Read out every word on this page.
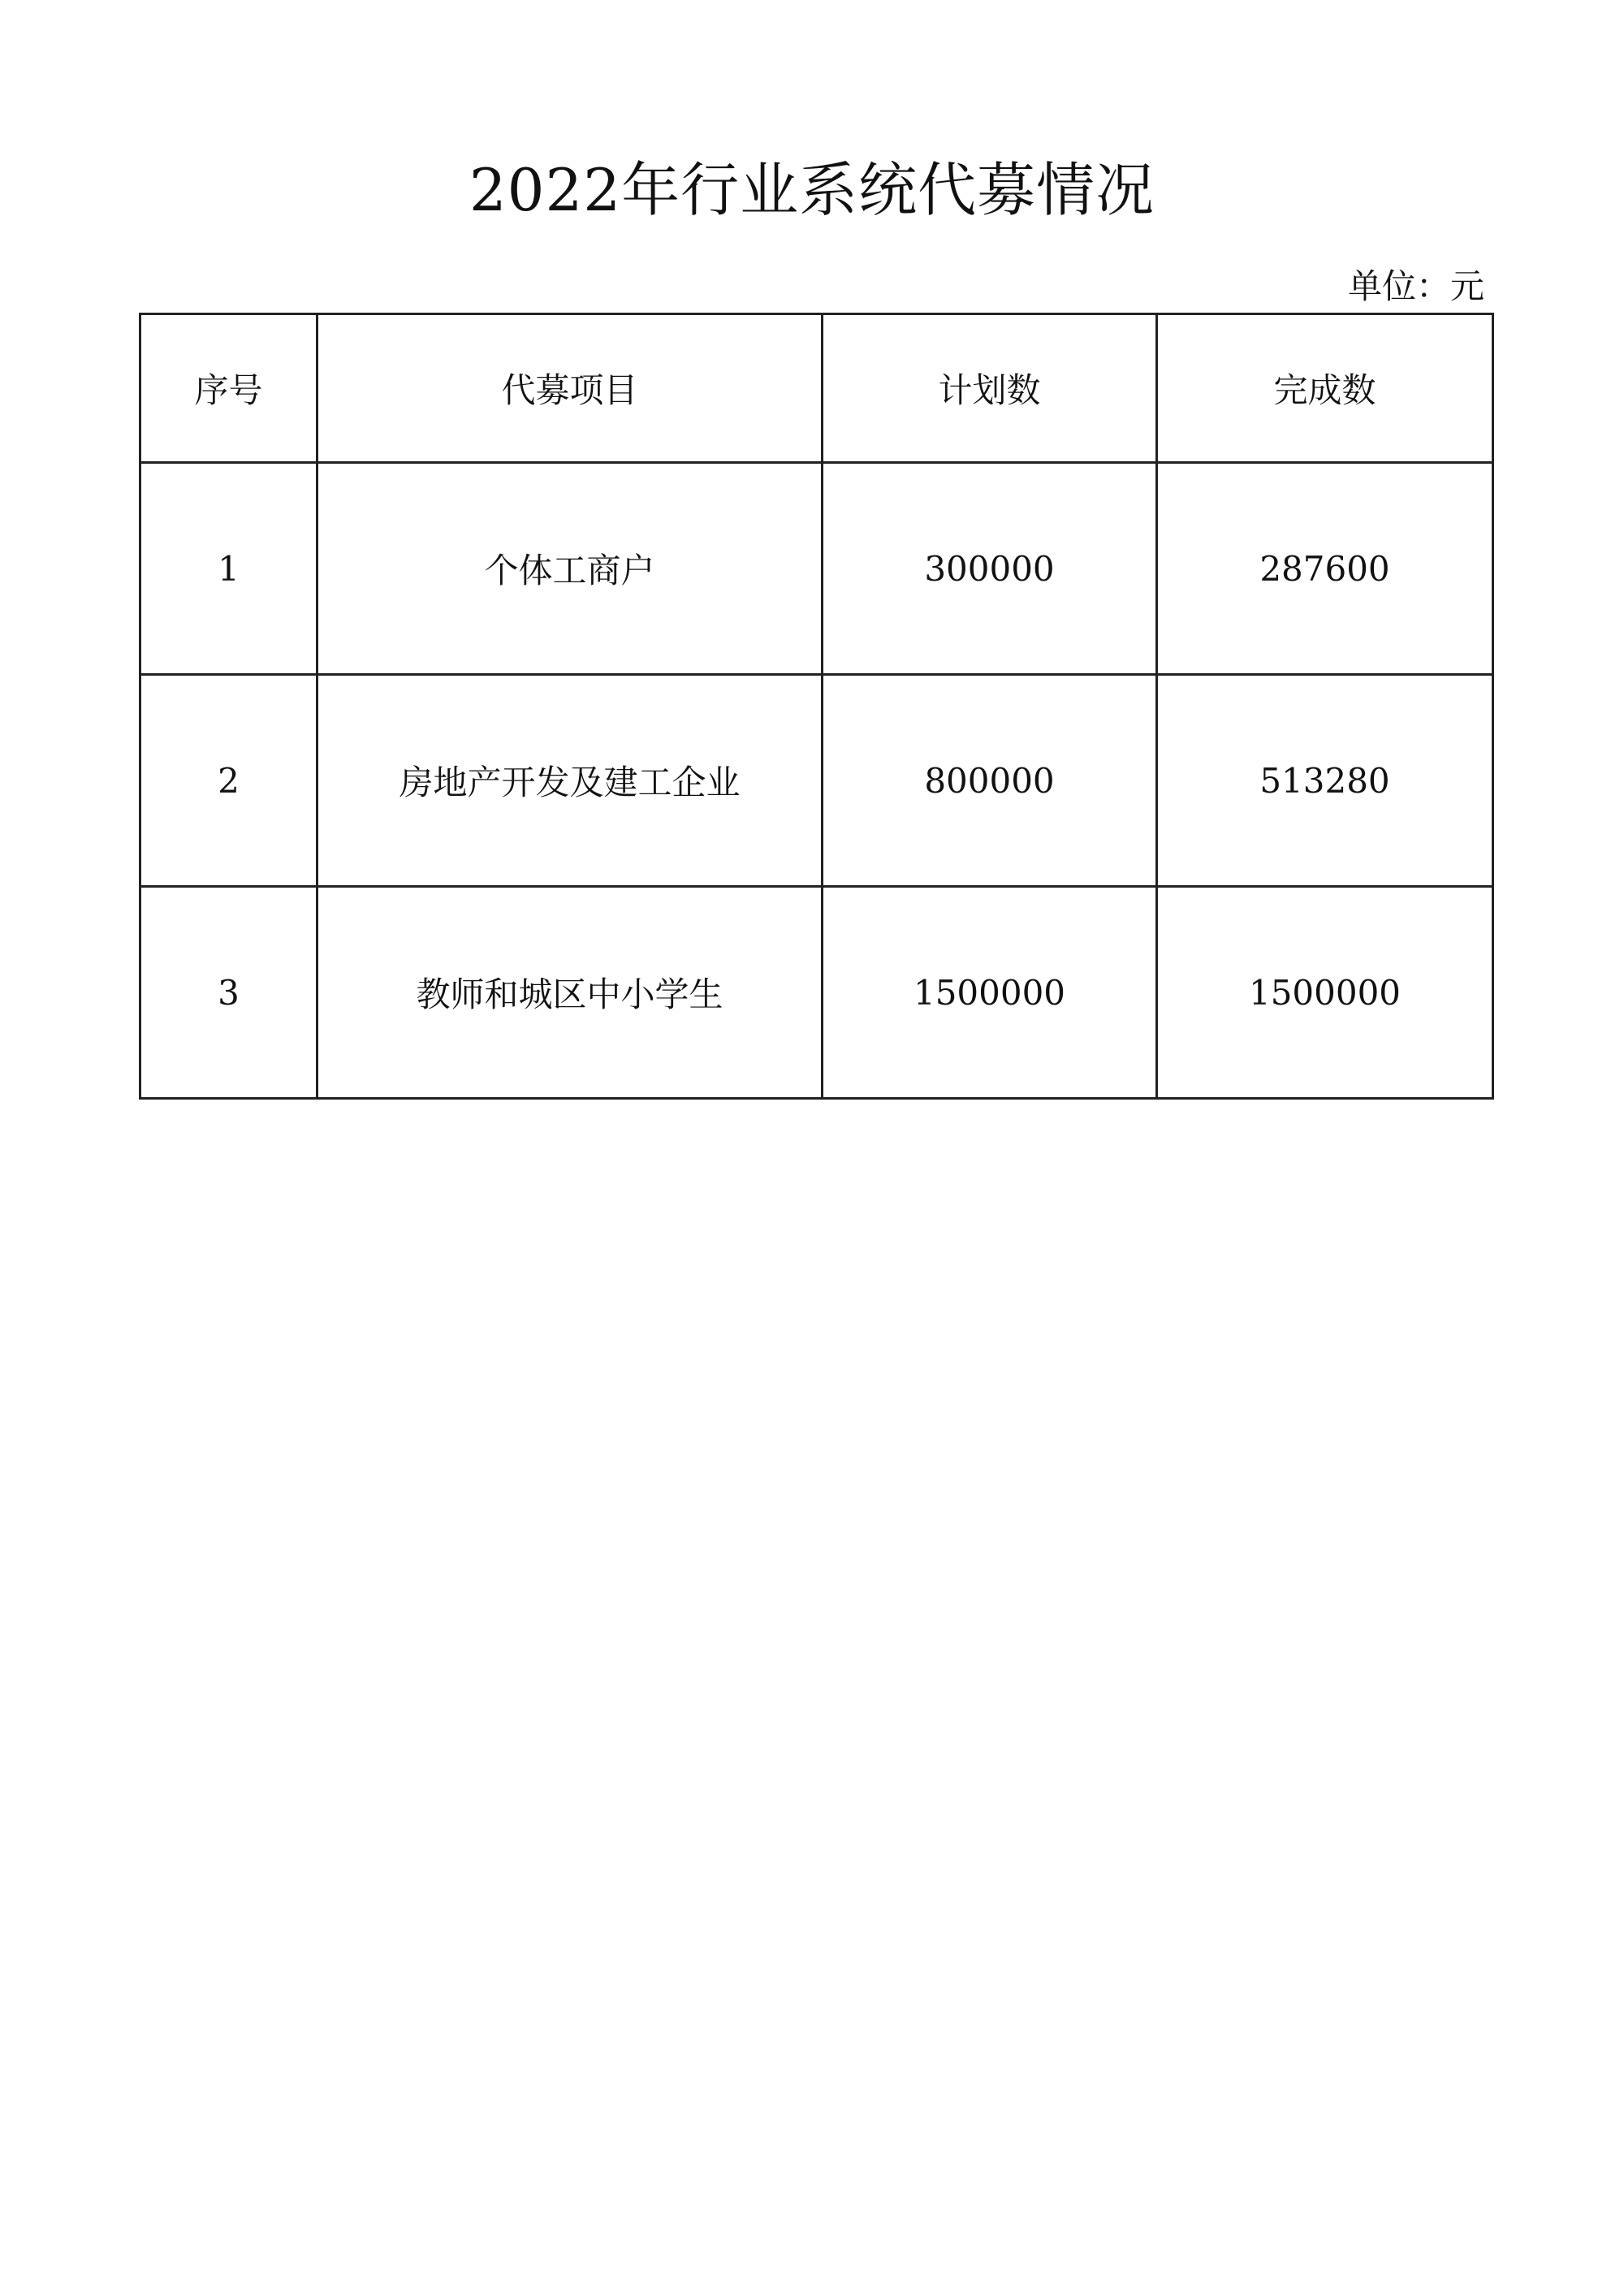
2022年行业系统代募情况
单位：元
序号	代募项目	计划数	完成数
1	个体工商户	300000	287600
2	房地产开发及建工企业	800000	513280
3	教师和城区中小学生	1500000	1500000
